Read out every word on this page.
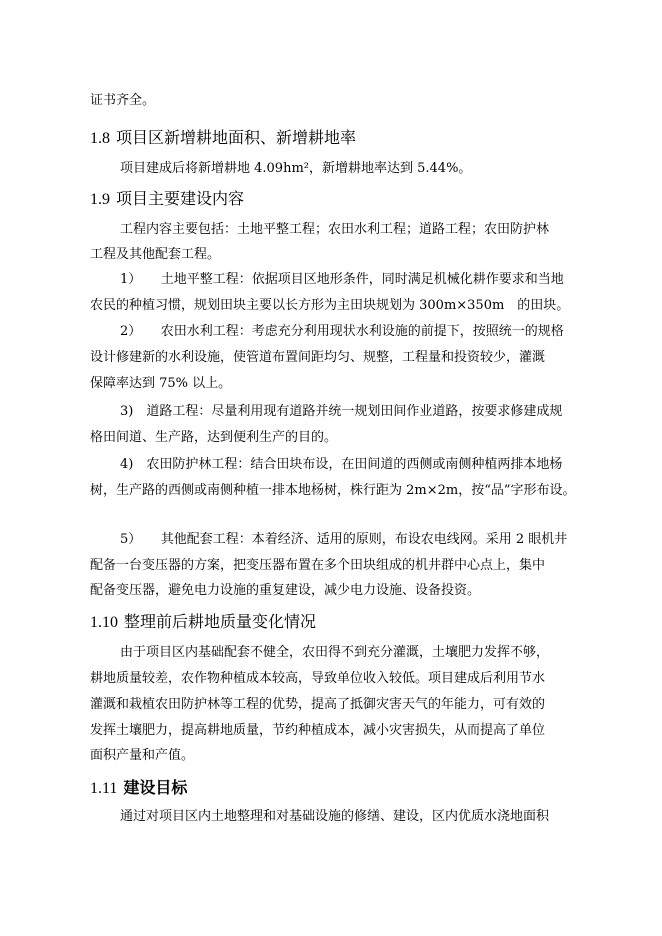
证书齐全。
1.8 项目区新增耕地面积、新增耕地率
项目建成后将新增耕地 4.09hm²，新增耕地率达到 5.44%。
1.9 项目主要建设内容
工程内容主要包括：土地平整工程；农田水利工程；道路工程；农田防护林
工程及其他配套工程。
1）　　土地平整工程：依据项目区地形条件，同时满足机械化耕作要求和当地
农民的种植习惯，规划田块主要以长方形为主田块规划为 300m×350m　的田块。
2）　　农田水利工程：考虑充分利用现状水利设施的前提下，按照统一的规格
设计修建新的水利设施，使管道布置间距均匀、规整，工程量和投资较少，灌溉
保障率达到 75% 以上。
3)　道路工程：尽量利用现有道路并统一规划田间作业道路，按要求修建成规
格田间道、生产路，达到便利生产的目的。
4)　农田防护林工程：结合田块布设，在田间道的西侧或南侧种植两排本地杨
树，生产路的西侧或南侧种植一排本地杨树，株行距为 2m×2m，按“品”字形布设。
5）　　其他配套工程：本着经济、适用的原则，布设农电线网。采用 2 眼机井
配备一台变压器的方案，把变压器布置在多个田块组成的机井群中心点上，集中
配备变压器，避免电力设施的重复建设，减少电力设施、设备投资。
1.10 整理前后耕地质量变化情况
由于项目区内基础配套不健全，农田得不到充分灌溉，土壤肥力发挥不够，
耕地质量较差，农作物种植成本较高，导致单位收入较低。项目建成后利用节水
灌溉和栽植农田防护林等工程的优势，提高了抵御灾害天气的年能力，可有效的
发挥土壤肥力，提高耕地质量，节约种植成本，减小灾害损失，从而提高了单位
面积产量和产值。
1.11 建设目标
通过对项目区内土地整理和对基础设施的修缮、建设，区内优质水浇地面积
